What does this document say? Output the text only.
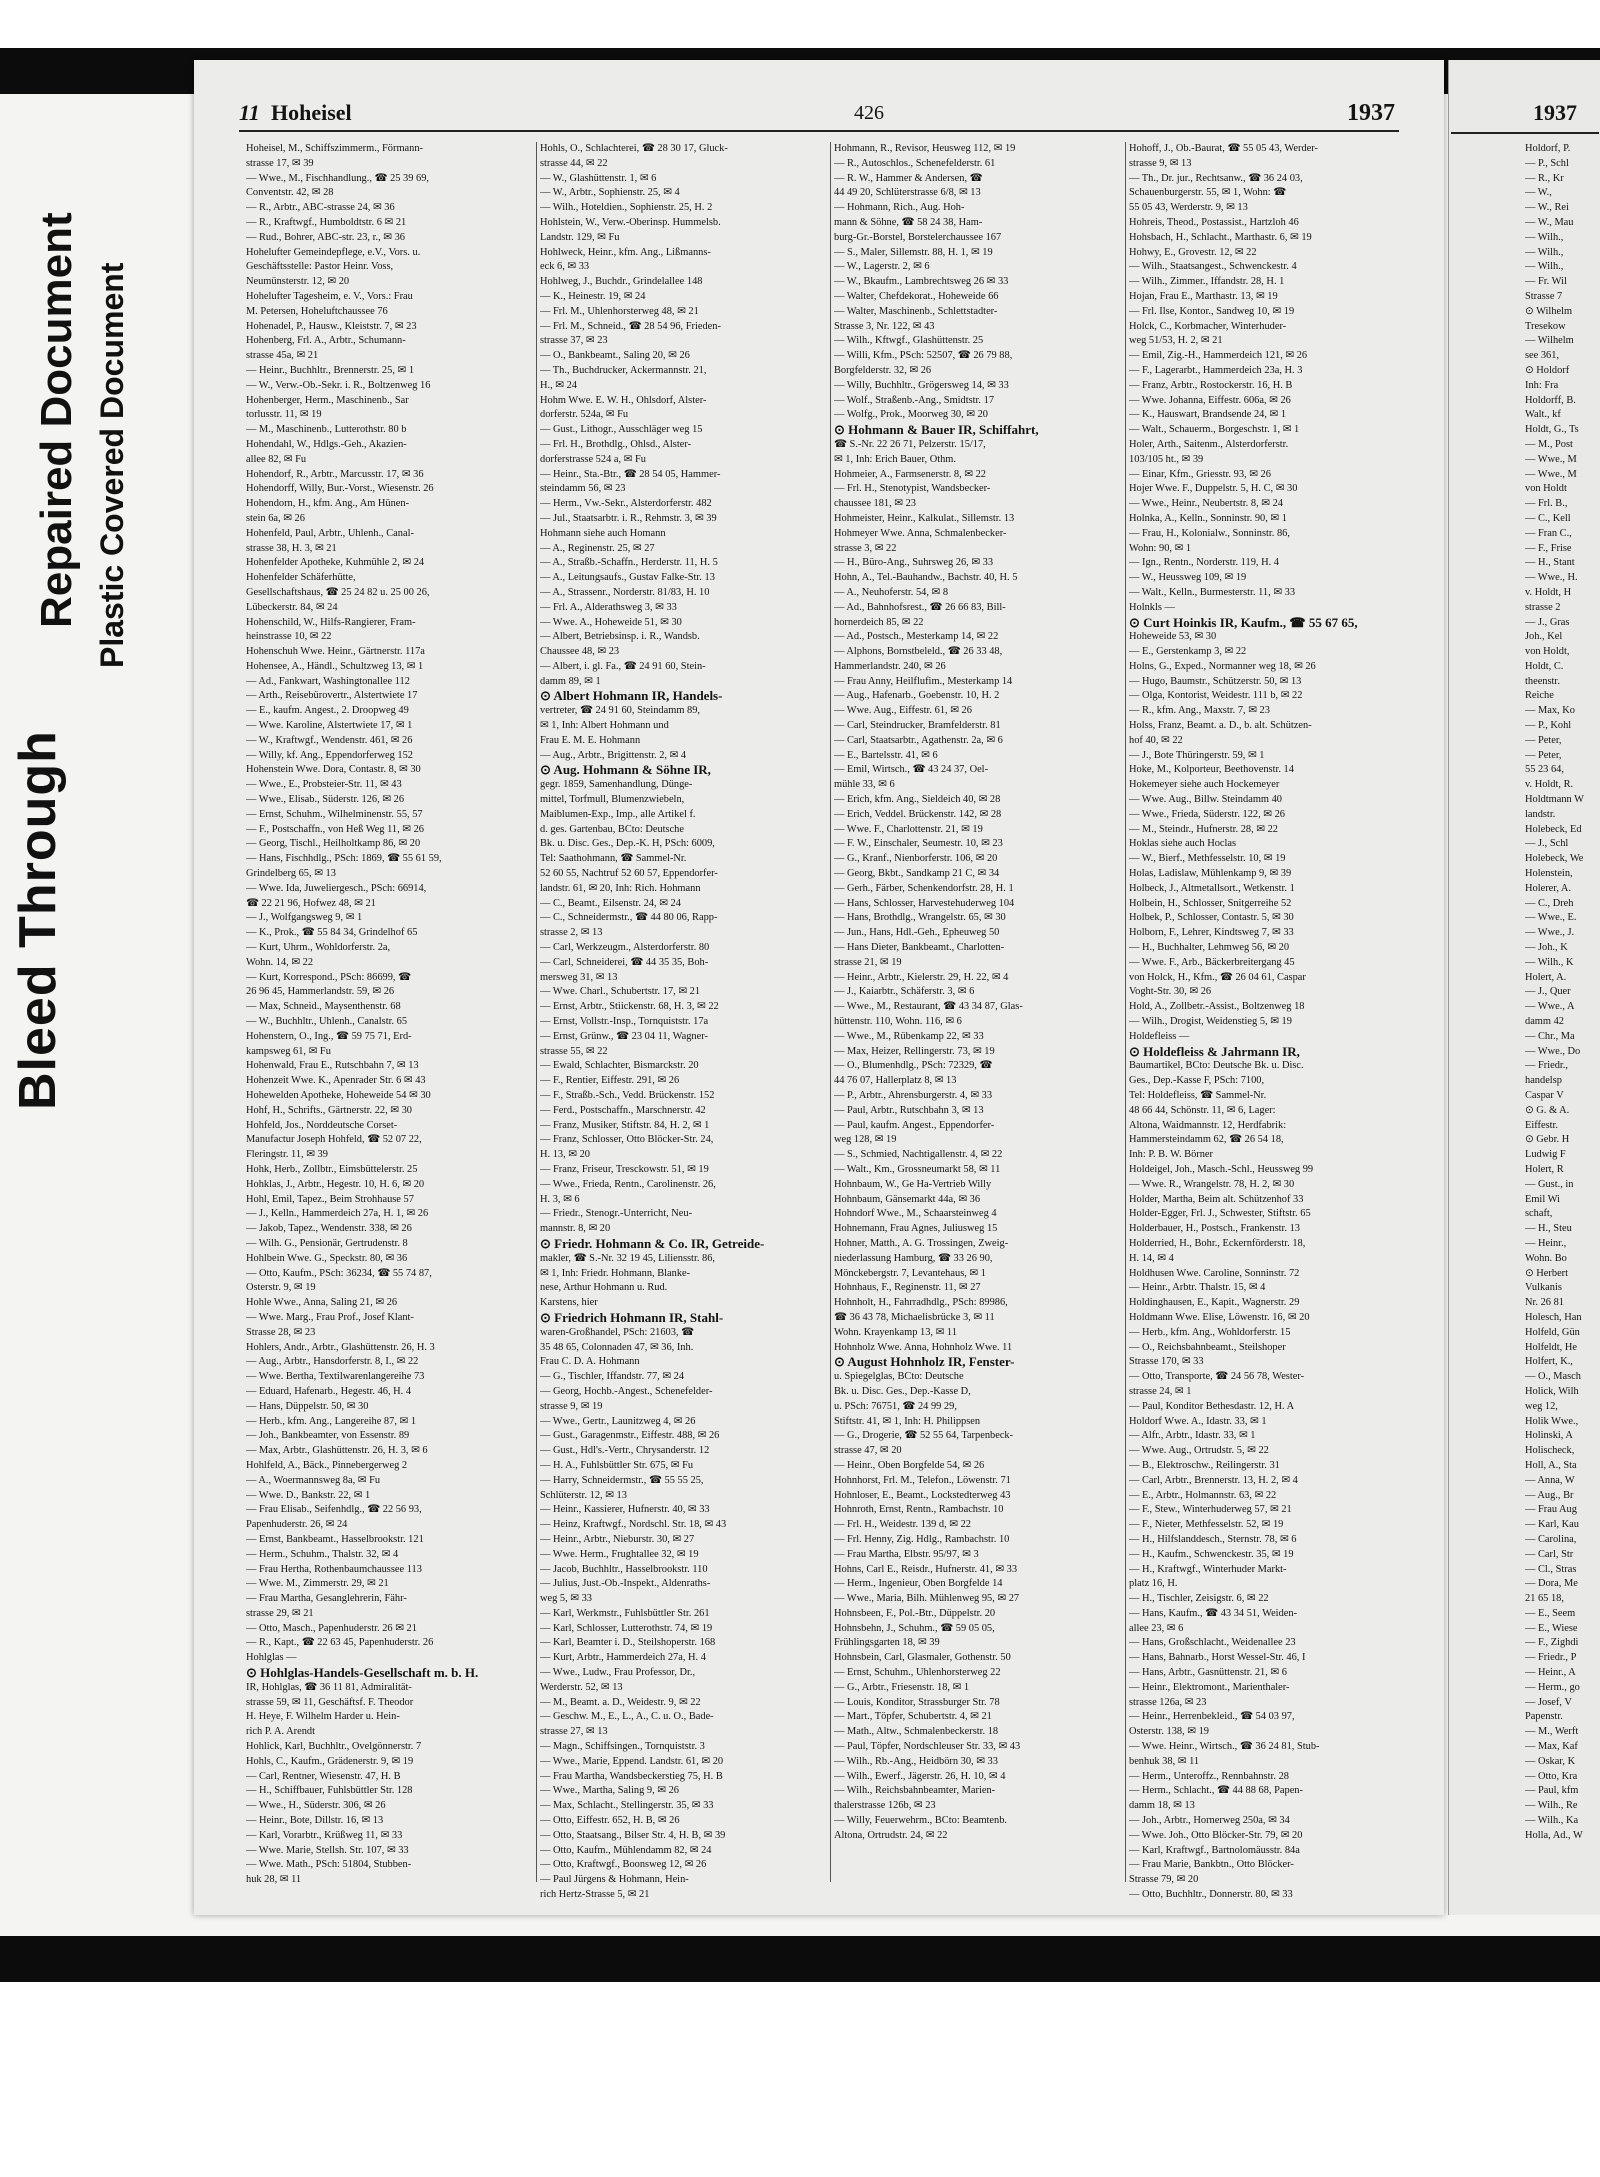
Bleed Through
Repaired Document Plastic Covered Document
11 Hoheisel	426	1937
Hoheisel, M., Schiffszimmerm., Förmann-
strasse 17, ✉ 39
— Wwe., M., Fischhandlung., ☎ 25 39 69,
Conventstr. 42, ✉ 28
— R., Arbtr., ABC-strasse 24, ✉ 36
— R., Kraftwgf., Humboldtstr. 6 ✉ 21
— Rud., Bohrer, ABC-str. 23, r., ✉ 36
Hohelufter Gemeindepflege, e.V., Vors. u.
Geschäftsstelle: Pastor Heinr. Voss,
Neumünsterstr. 12, ✉ 20
Hohelufter Tagesheim, e. V., Vors.: Frau
M. Petersen, Hoheluftchaussee 76
Hohenadel, P., Hausw., Kleiststr. 7, ✉ 23
Hohenberg, Frl. A., Arbtr., Schumann-
strasse 45a, ✉ 21
— Heinr., Buchhltr., Brennerstr. 25, ✉ 1
— W., Verw.-Ob.-Sekr. i. R., Boltzenweg 16
Hohenberger, Herm., Maschinenb., Sar
torlusstr. 11, ✉ 19
— M., Maschinenb., Lutterothstr. 80 b
Hohendahl, W., Hdlgs.-Geh., Akazien-
allee 82, ✉ Fu
Hohendorf, R., Arbtr., Marcusstr. 17, ✉ 36
Hohendorff, Willy, Bur.-Vorst., Wiesenstr. 26
Hohendorn, H., kfm. Ang., Am Hünen-
stein 6a, ✉ 26
Hohenfeld, Paul, Arbtr., Uhlenh., Canal-
strasse 38, H. 3, ✉ 21
Hohenfelder Apotheke, Kuhmühle 2, ✉ 24
Hohenfelder Schäferhütte,
Gesellschaftshaus, ☎ 25 24 82 u. 25 00 26,
Lübeckerstr. 84, ✉ 24
Hohenschild, W., Hilfs-Rangierer, Fram-
heinstrasse 10, ✉ 22
Hohenschuh Wwe. Heinr., Gärtnerstr. 117a
Hohensee, A., Händl., Schultzweg 13, ✉ 1
— Ad., Fankwart, Washingtonallee 112
— Arth., Reisebürovertr., Alstertwiete 17
— E., kaufm. Angest., 2. Droopweg 49
— Wwe. Karoline, Alstertwiete 17, ✉ 1
— W., Kraftwgf., Wendenstr. 461, ✉ 26
— Willy, kf. Ang., Eppendorferweg 152
Hohenstein Wwe. Dora, Contastr. 8, ✉ 30
— Wwe., E., Probsteier-Str. 11, ✉ 43
— Wwe., Elisab., Süderstr. 126, ✉ 26
— Ernst, Schuhm., Wilhelminenstr. 55, 57
— F., Postschaffn., von Heß Weg 11, ✉ 26
— Georg, Tischl., Heilholtkamp 86, ✉ 20
— Hans, Fischhdlg., PSch: 1869, ☎ 55 61 59,
Grindelberg 65, ✉ 13
— Wwe. Ida, Juweliergesch., PSch: 66914,
☎ 22 21 96, Hofwez 48, ✉ 21
— J., Wolfgangsweg 9, ✉ 1
— K., Prok., ☎ 55 84 34, Grindelhof 65
— Kurt, Uhrm., Wohldorferstr. 2a,
Wohn. 14, ✉ 22
— Kurt, Korrespond., PSch: 86699, ☎
26 96 45, Hammerlandstr. 59, ✉ 26
— Max, Schneid., Maysenthenstr. 68
— W., Buchhltr., Uhlenh., Canalstr. 65
Hohenstern, O., Ing., ☎ 59 75 71, Erd-
kampsweg 61, ✉ Fu
Hohenwald, Frau E., Rutschbahn 7, ✉ 13
Hohenzeit Wwe. K., Apenrader Str. 6 ✉ 43
Hohewelden Apotheke, Hoheweide 54 ✉ 30
Hohf, H., Schrifts., Gärtnerstr. 22, ✉ 30
Hohfeld, Jos., Norddeutsche Corset-
Manufactur Joseph Hohfeld, ☎ 52 07 22,
Fleringstr. 11, ✉ 39
Hohk, Herb., Zollbtr., Eimsbüttelerstr. 25
Hohklas, J., Arbtr., Hegestr. 10, H. 6, ✉ 20
Hohl, Emil, Tapez., Beim Strohhause 57
— J., Kelln., Hammerdeich 27a, H. 1, ✉ 26
— Jakob, Tapez., Wendenstr. 338, ✉ 26
— Wilh. G., Pensionär, Gertrudenstr. 8
Hohlbein Wwe. G., Speckstr. 80, ✉ 36
— Otto, Kaufm., PSch: 36234, ☎ 55 74 87,
Osterstr. 9, ✉ 19
Hohle Wwe., Anna, Saling 21, ✉ 26
— Wwe. Marg., Frau Prof., Josef Klant-
Strasse 28, ✉ 23
Hohlers, Andr., Arbtr., Glashüttenstr. 26, H. 3
— Aug., Arbtr., Hansdorferstr. 8, I., ✉ 22
— Wwe. Bertha, Textilwarenlangereihe 73
— Eduard, Hafenarb., Hegestr. 46, H. 4
— Hans, Düppelstr. 50, ✉ 30
— Herb., kfm. Ang., Langereihe 87, ✉ 1
— Joh., Bankbeamter, von Essenstr. 89
— Max, Arbtr., Glashüttenstr. 26, H. 3, ✉ 6
Hohlfeld, A., Bäck., Pinnebergerweg 2
— A., Woermannsweg 8a, ✉ Fu
— Wwe. D., Bankstr. 22, ✉ 1
— Frau Elisab., Seifenhdlg., ☎ 22 56 93,
Papenhuderstr. 26, ✉ 24
— Ernst, Bankbeamt., Hasselbrookstr. 121
— Herm., Schuhm., Thalstr. 32, ✉ 4
— Frau Hertha, Rothenbaumchaussee 113
— Wwe. M., Zimmerstr. 29, ✉ 21
— Frau Martha, Gesanglehrerin, Fähr-
strasse 29, ✉ 21
— Otto, Masch., Papenhuderstr. 26 ✉ 21
— R., Kapt., ☎ 22 63 45, Papenhuderstr. 26
Hohlglas —
⊙ Hohlglas-Handels-Gesellschaft m. b. H.
IR, Hohlglas, ☎ 36 11 81, Admiralität-
strasse 59, ✉ 11, Geschäftsf. F. Theodor
H. Heye, F. Wilhelm Harder u. Hein-
rich P. A. Arendt
Hohlick, Karl, Buchhltr., Ovelgönnerstr. 7
Hohls, C., Kaufm., Grädenerstr. 9, ✉ 19
— Carl, Rentner, Wiesenstr. 47, H. B
— H., Schiffbauer, Fuhlsbüttler Str. 128
— Wwe., H., Süderstr. 306, ✉ 26
— Heinr., Bote, Dillstr. 16, ✉ 13
— Karl, Vorarbtr., Krüßweg 11, ✉ 33
— Wwe. Marie, Stellsh. Str. 107, ✉ 33
— Wwe. Math., PSch: 51804, Stubben-
huk 28, ✉ 11
Hohls, O., Schlachterei, ☎ 28 30 17, Gluck-
strasse 44, ✉ 22
— W., Glashüttenstr. 1, ✉ 6
— W., Arbtr., Sophienstr. 25, ✉ 4
— Wilh., Hoteldien., Sophienstr. 25, H. 2
Hohlstein, W., Verw.-Oberinsp. Hummelsb.
Landstr. 129, ✉ Fu
Hohlweck, Heinr., kfm. Ang., Lißmanns-
eck 6, ✉ 33
Hohlweg, J., Buchdr., Grindelallee 148
— K., Heinestr. 19, ✉ 24
— Frl. M., Uhlenhorsterweg 48, ✉ 21
— Frl. M., Schneid., ☎ 28 54 96, Frieden-
strasse 37, ✉ 23
— O., Bankbeamt., Saling 20, ✉ 26
— Th., Buchdrucker, Ackermannstr. 21,
H., ✉ 24
Hohm Wwe. E. W. H., Ohlsdorf, Alster-
dorferstr. 524a, ✉ Fu
— Gust., Lithogr., Ausschläger weg 15
— Frl. H., Brothdlg., Ohlsd., Alster-
dorferstrasse 524 a, ✉ Fu
— Heinr., Sta.-Btr., ☎ 28 54 05, Hammer-
steindamm 56, ✉ 23
— Herm., Vw.-Sekr., Alsterdorferstr. 482
— Jul., Staatsarbtr. i. R., Rehmstr. 3, ✉ 39
Hohmann siehe auch Homann
— A., Reginenstr. 25, ✉ 27
— A., Straßb.-Schaffn., Herderstr. 11, H. 5
— A., Leitungsaufs., Gustav Falke-Str. 13
— A., Strassenr., Norderstr. 81/83, H. 10
— Frl. A., Alderathsweg 3, ✉ 33
— Wwe. A., Hoheweide 51, ✉ 30
— Albert, Betriebsinsp. i. R., Wandsb.
Chaussee 48, ✉ 23
— Albert, i. gl. Fa., ☎ 24 91 60, Stein-
damm 89, ✉ 1
⊙ Albert Hohmann IR, Handels-
vertreter, ☎ 24 91 60, Steindamm 89,
✉ 1, Inh: Albert Hohmann und
Frau E. M. E. Hohmann
— Aug., Arbtr., Brigittenstr. 2, ✉ 4
⊙ Aug. Hohmann & Söhne IR,
gegr. 1859, Samenhandlung, Dünge-
mittel, Torfmull, Blumenzwiebeln,
Maiblumen-Exp., Imp., alle Artikel f.
d. ges. Gartenbau, BCto: Deutsche
Bk. u. Disc. Ges., Dep.-K. H, PSch: 6009,
Tel: Saathohmann, ☎ Sammel-Nr.
52 60 55, Nachtruf 52 60 57, Eppendorfer-
landstr. 61, ✉ 20, Inh: Rich. Hohmann
— C., Beamt., Eilsenstr. 24, ✉ 24
— C., Schneidermstr., ☎ 44 80 06, Rapp-
strasse 2, ✉ 13
— Carl, Werkzeugm., Alsterdorferstr. 80
— Carl, Schneiderei, ☎ 44 35 35, Boh-
mersweg 31, ✉ 13
— Wwe. Charl., Schubertstr. 17, ✉ 21
— Ernst, Arbtr., Stiickenstr. 68, H. 3, ✉ 22
— Ernst, Vollstr.-Insp., Tornquiststr. 17a
— Ernst, Grünw., ☎ 23 04 11, Wagner-
strasse 55, ✉ 22
— Ewald, Schlachter, Bismarckstr. 20
— F., Rentier, Eiffestr. 291, ✉ 26
— F., Straßb.-Sch., Vedd. Brückenstr. 152
— Ferd., Postschaffn., Marschnerstr. 42
— Franz, Musiker, Stiftstr. 84, H. 2, ✉ 1
— Franz, Schlosser, Otto Blöcker-Str. 24,
H. 13, ✉ 20
— Franz, Friseur, Tresckowstr. 51, ✉ 19
— Wwe., Frieda, Rentn., Carolinenstr. 26,
H. 3, ✉ 6
— Friedr., Stenogr.-Unterricht, Neu-
mannstr. 8, ✉ 20
⊙ Friedr. Hohmann & Co. IR, Getreide-
makler, ☎ S.-Nr. 32 19 45, Liliensstr. 86,
✉ 1, Inh: Friedr. Hohmann, Blanke-
nese, Arthur Hohmann u. Rud.
Karstens, hier
⊙ Friedrich Hohmann IR, Stahl-
waren-Großhandel, PSch: 21603, ☎
35 48 65, Colonnaden 47, ✉ 36, Inh.
Frau C. D. A. Hohmann
— G., Tischler, Iffandstr. 77, ✉ 24
— Georg, Hochb.-Angest., Schenefelder-
strasse 9, ✉ 19
— Wwe., Gertr., Launitzweg 4, ✉ 26
— Gust., Garagenmstr., Eiffestr. 488, ✉ 26
— Gust., Hdl's.-Vertr., Chrysanderstr. 12
— H. A., Fuhlsbüttler Str. 675, ✉ Fu
— Harry, Schneidermstr., ☎ 55 55 25,
Schlüterstr. 12, ✉ 13
— Heinr., Kassierer, Hufnerstr. 40, ✉ 33
— Heinz, Kraftwgf., Nordschl. Str. 18, ✉ 43
— Heinr., Arbtr., Nieburstr. 30, ✉ 27
— Wwe. Herm., Frughtallee 32, ✉ 19
— Jacob, Buchhltr., Hasselbrookstr. 110
— Julius, Just.-Ob.-Inspekt., Aldenraths-
weg 5, ✉ 33
— Karl, Werkmstr., Fuhlsbüttler Str. 261
— Karl, Schlosser, Lutterothstr. 74, ✉ 19
— Karl, Beamter i. D., Steilshoperstr. 168
— Kurt, Arbtr., Hammerdeich 27a, H. 4
— Wwe., Ludw., Frau Professor, Dr.,
Werderstr. 52, ✉ 13
— M., Beamt. a. D., Weidestr. 9, ✉ 22
— Geschw. M., E., L., A., C. u. O., Bade-
strasse 27, ✉ 13
— Magn., Schiffsingen., Tornquiststr. 3
— Wwe., Marie, Eppend. Landstr. 61, ✉ 20
— Frau Martha, Wandsbeckerstieg 75, H. B
— Wwe., Martha, Saling 9, ✉ 26
— Max, Schlacht., Stellingerstr. 35, ✉ 33
— Otto, Eiffestr. 652, H. B, ✉ 26
— Otto, Staatsang., Bilser Str. 4, H. B, ✉ 39
— Otto, Kaufm., Mühlendamm 82, ✉ 24
— Otto, Kraftwgf., Boonsweg 12, ✉ 26
— Paul Jürgens & Hohmann, Hein-
rich Hertz-Strasse 5, ✉ 21
Hohmann, R., Revisor, Heusweg 112, ✉ 19
— R., Autoschlos., Schenefelderstr. 61
— R. W., Hammer & Andersen, ☎
44 49 20, Schlüterstrasse 6/8, ✉ 13
— Hohmann, Rich., Aug. Hoh-
mann & Söhne, ☎ 58 24 38, Ham-
burg-Gr.-Borstel, Borstelerchaussee 167
— S., Maler, Sillemstr. 88, H. 1, ✉ 19
— W., Lagerstr. 2, ✉ 6
— W., Bkaufm., Lambrechtsweg 26 ✉ 33
— Walter, Chefdekorat., Hoheweide 66
— Walter, Maschinenb., Schlettstadter-
Strasse 3, Nr. 122, ✉ 43
— Wilh., Kftwgf., Glashüttenstr. 25
— Willi, Kfm., PSch: 52507, ☎ 26 79 88,
Borgfelderstr. 32, ✉ 26
— Willy, Buchhltr., Grögersweg 14, ✉ 33
— Wolf., Straßenb.-Ang., Smidtstr. 17
— Wolfg., Prok., Moorweg 30, ✉ 20
⊙ Hohmann & Bauer IR, Schiffahrt,
☎ S.-Nr. 22 26 71, Pelzerstr. 15/17,
✉ 1, Inh: Erich Bauer, Othm.
Hohmeier, A., Farmsenerstr. 8, ✉ 22
— Frl. H., Stenotypist, Wandsbecker-
chaussee 181, ✉ 23
Hohmeister, Heinr., Kalkulat., Sillemstr. 13
Hohmeyer Wwe. Anna, Schmalenbecker-
strasse 3, ✉ 22
— H., Büro-Ang., Suhrsweg 26, ✉ 33
Hohn, A., Tel.-Bauhandw., Bachstr. 40, H. 5
— A., Neuhoferstr. 54, ✉ 8
— Ad., Bahnhofsrest., ☎ 26 66 83, Bill-
hornerdeich 85, ✉ 22
— Ad., Postsch., Mesterkamp 14, ✉ 22
— Alphons, Bornstbeleld., ☎ 26 33 48,
Hammerlandstr. 240, ✉ 26
— Frau Anny, Heilflufim., Mesterkamp 14
— Aug., Hafenarb., Goebenstr. 10, H. 2
— Wwe. Aug., Eiffestr. 61, ✉ 26
— Carl, Steindrucker, Bramfelderstr. 81
— Carl, Staatsarbtr., Agathenstr. 2a, ✉ 6
— E., Bartelsstr. 41, ✉ 6
— Emil, Wirtsch., ☎ 43 24 37, Oel-
mühle 33, ✉ 6
— Erich, kfm. Ang., Sieldeich 40, ✉ 28
— Erich, Veddel. Brückenstr. 142, ✉ 28
— Wwe. F., Charlottenstr. 21, ✉ 19
— F. W., Einschaler, Seumestr. 10, ✉ 23
— G., Kranf., Nienborferstr. 106, ✉ 20
— Georg, Bkbt., Sandkamp 21 C, ✉ 34
— Gerh., Färber, Schenkendorfstr. 28, H. 1
— Hans, Schlosser, Harvestehuderweg 104
— Hans, Brothdlg., Wrangelstr. 65, ✉ 30
— Jun., Hans, Hdl.-Geh., Epheuweg 50
— Hans Dieter, Bankbeamt., Charlotten-
strasse 21, ✉ 19
— Heinr., Arbtr., Kielerstr. 29, H. 22, ✉ 4
— J., Kaiarbtr., Schäferstr. 3, ✉ 6
— Wwe., M., Restaurant, ☎ 43 34 87, Glas-
hüttenstr. 110, Wohn. 116, ✉ 6
— Wwe., M., Rübenkamp 22, ✉ 33
— Max, Heizer, Rellingerstr. 73, ✉ 19
— O., Blumenhdlg., PSch: 72329, ☎
44 76 07, Hallerplatz 8, ✉ 13
— P., Arbtr., Ahrensburgerstr. 4, ✉ 33
— Paul, Arbtr., Rutschbahn 3, ✉ 13
— Paul, kaufm. Angest., Eppendorfer-
weg 128, ✉ 19
— S., Schmied, Nachtigallenstr. 4, ✉ 22
— Walt., Km., Grossneumarkt 58, ✉ 11
Hohnbaum, W., Ge Ha-Vertrieb Willy
Hohnbaum, Gänsemarkt 44a, ✉ 36
Hohndorf Wwe., M., Schaarsteinweg 4
Hohnemann, Frau Agnes, Juliusweg 15
Hohner, Matth., A. G. Trossingen, Zweig-
niederlassung Hamburg, ☎ 33 26 90,
Mönckebergstr. 7, Levantehaus, ✉ 1
Hohnhaus, F., Reginenstr. 11, ✉ 27
Hohnholt, H., Fahrradhdlg., PSch: 89986,
☎ 36 43 78, Michaelisbrücke 3, ✉ 11
Wohn. Krayenkamp 13, ✉ 11
Hohnholz Wwe. Anna, Hohnholz Wwe. 11
⊙ August Hohnholz IR, Fenster-
u. Spiegelglas, BCto: Deutsche
Bk. u. Disc. Ges., Dep.-Kasse D,
u. PSch: 76751, ☎ 24 99 29,
Stiftstr. 41, ✉ 1, Inh: H. Philippsen
— G., Drogerie, ☎ 52 55 64, Tarpenbeck-
strasse 47, ✉ 20
— Heinr., Oben Borgfelde 54, ✉ 26
Hohnhorst, Frl. M., Telefon., Löwenstr. 71
Hohnloser, E., Beamt., Lockstedterweg 43
Hohnroth, Ernst, Rentn., Rambachstr. 10
— Frl. H., Weidestr. 139 d, ✉ 22
— Frl. Henny, Zig. Hdlg., Rambachstr. 10
— Frau Martha, Elbstr. 95/97, ✉ 3
Hohns, Carl E., Reisdr., Hufnerstr. 41, ✉ 33
— Herm., Ingenieur, Oben Borgfelde 14
— Wwe., Maria, Bilh. Mühlenweg 95, ✉ 27
Hohnsbeen, F., Pol.-Btr., Düppelstr. 20
Hohnsbehn, J., Schuhm., ☎ 59 05 05,
Frühlingsgarten 18, ✉ 39
Hohnsbein, Carl, Glasmaler, Gothenstr. 50
— Ernst, Schuhm., Uhlenhorsterweg 22
— G., Arbtr., Friesenstr. 18, ✉ 1
— Louis, Konditor, Strassburger Str. 78
— Mart., Töpfer, Schubertstr. 4, ✉ 21
— Math., Altw., Schmalenbeckerstr. 18
— Paul, Töpfer, Nordschleuser Str. 33, ✉ 43
— Wilh., Rb.-Ang., Heidbörn 30, ✉ 33
— Wilh., Ewerf., Jägerstr. 26, H. 10, ✉ 4
— Wilh., Reichsbahnbeamter, Marien-
thalerstrasse 126b, ✉ 23
— Willy, Feuerwehrm., BCto: Beamtenb.
Altona, Ortrudstr. 24, ✉ 22
Hohoff, J., Ob.-Baurat, ☎ 55 05 43, Werder-
strasse 9, ✉ 13
— Th., Dr. jur., Rechtsanw., ☎ 36 24 03,
Schauenburgerstr. 55, ✉ 1, Wohn: ☎
55 05 43, Werderstr. 9, ✉ 13
Hohreis, Theod., Postassist., Hartzloh 46
Hohsbach, H., Schlacht., Marthastr. 6, ✉ 19
Hohwy, E., Grovestr. 12, ✉ 22
— Wilh., Staatsangest., Schwenckestr. 4
— Wilh., Zimmer., Iffandstr. 28, H. 1
Hojan, Frau E., Marthastr. 13, ✉ 19
— Frl. Ilse, Kontor., Sandweg 10, ✉ 19
Holck, C., Korbmacher, Winterhuder-
weg 51/53, H. 2, ✉ 21
— Emil, Zig.-H., Hammerdeich 121, ✉ 26
— F., Lagerarbt., Hammerdeich 23a, H. 3
— Franz, Arbtr., Rostockerstr. 16, H. B
— Wwe. Johanna, Eiffestr. 606a, ✉ 26
— K., Hauswart, Brandsende 24, ✉ 1
— Walt., Schauerm., Borgeschstr. 1, ✉ 1
Holer, Arth., Saitenm., Alsterdorferstr.
103/105 ht., ✉ 39
— Einar, Kfm., Griesstr. 93, ✉ 26
Hojer Wwe. F., Duppelstr. 5, H. C, ✉ 30
— Wwe., Heinr., Neubertstr. 8, ✉ 24
Holnka, A., Kelln., Sonninstr. 90, ✉ 1
— Frau, H., Kolonialw., Sonninstr. 86,
Wohn: 90, ✉ 1
— Ign., Rentn., Norderstr. 119, H. 4
— W., Heussweg 109, ✉ 19
— Walt., Kelln., Burmesterstr. 11, ✉ 33
Holnkls —
⊙ Curt Hoinkis IR, Kaufm., ☎ 55 67 65,
Hoheweide 53, ✉ 30
— E., Gerstenkamp 3, ✉ 22
Holns, G., Exped., Normanner weg 18, ✉ 26
— Hugo, Baumstr., Schützerstr. 50, ✉ 13
— Olga, Kontorist, Weidestr. 111 b, ✉ 22
— R., kfm. Ang., Maxstr. 7, ✉ 23
Holss, Franz, Beamt. a. D., b. alt. Schützen-
hof 40, ✉ 22
— J., Bote Thüringerstr. 59, ✉ 1
Hoke, M., Kolporteur, Beethovenstr. 14
Hokemeyer siehe auch Hockemeyer
— Wwe. Aug., Billw. Steindamm 40
— Wwe., Frieda, Süderstr. 122, ✉ 26
— M., Steindr., Hufnerstr. 28, ✉ 22
Hoklas siehe auch Hoclas
— W., Bierf., Methfesselstr. 10, ✉ 19
Holas, Ladislaw, Mühlenkamp 9, ✉ 39
Holbeck, J., Altmetallsort., Wetkenstr. 1
Holbein, H., Schlosser, Snitgerreihe 52
Holbek, P., Schlosser, Contastr. 5, ✉ 30
Holborn, F., Lehrer, Kindtsweg 7, ✉ 33
— H., Buchhalter, Lehmweg 56, ✉ 20
— Wwe. F., Arb., Bäckerbreitergang 45
von Holck, H., Kfm., ☎ 26 04 61, Caspar
Voght-Str. 30, ✉ 26
Hold, A., Zollbetr.-Assist., Boltzenweg 18
— Wilh., Drogist, Weidenstieg 5, ✉ 19
Holdefleiss —
⊙ Holdefleiss & Jahrmann IR,
Baumartikel, BCto: Deutsche Bk. u. Disc.
Ges., Dep.-Kasse F, PSch: 7100,
Tel: Holdefleiss, ☎ Sammel-Nr.
48 66 44, Schönstr. 11, ✉ 6, Lager:
Altona, Waidmannstr. 12, Herdfabrik:
Hammersteindamm 62, ☎ 26 54 18,
Inh: P. B. W. Börner
Holdeigel, Joh., Masch.-Schl., Heussweg 99
— Wwe. R., Wrangelstr. 78, H. 2, ✉ 30
Holder, Martha, Beim alt. Schützenhof 33
Holder-Egger, Frl. J., Schwester, Stiftstr. 65
Holderbauer, H., Postsch., Frankenstr. 13
Holderried, H., Bohr., Eckernförderstr. 18,
H. 14, ✉ 4
Holdhusen Wwe. Caroline, Sonninstr. 72
— Heinr., Arbtr. Thalstr. 15, ✉ 4
Holdinghausen, E., Kapit., Wagnerstr. 29
Holdmann Wwe. Elise, Löwenstr. 16, ✉ 20
— Herb., kfm. Ang., Wohldorferstr. 15
— O., Reichsbahnbeamt., Steilshoper
Strasse 170, ✉ 33
— Otto, Transporte, ☎ 24 56 78, Wester-
strasse 24, ✉ 1
— Paul, Konditor Bethesdastr. 12, H. A
Holdorf Wwe. A., Idastr. 33, ✉ 1
— Alfr., Arbtr., Idastr. 33, ✉ 1
— Wwe. Aug., Ortrudstr. 5, ✉ 22
— B., Elektroschw., Reilingerstr. 31
— Carl, Arbtr., Brennerstr. 13, H. 2, ✉ 4
— E., Arbtr., Holmannstr. 63, ✉ 22
— F., Stew., Winterhuderweg 57, ✉ 21
— F., Nieter, Methfesselstr. 52, ✉ 19
— H., Hilfslanddesch., Sternstr. 78, ✉ 6
— H., Kaufm., Schwenckestr. 35, ✉ 19
— H., Kraftwgf., Winterhuder Markt-
platz 16, H.
— H., Tischler, Zeisigstr. 6, ✉ 22
— Hans, Kaufm., ☎ 43 34 51, Weiden-
allee 23, ✉ 6
— Hans, Großschlacht., Weidenallee 23
— Hans, Bahnarb., Horst Wessel-Str. 46, I
— Hans, Arbtr., Gasnüttenstr. 21, ✉ 6
— Heinr., Elektromont., Marienthaler-
strasse 126a, ✉ 23
— Heinr., Herrenbekleid., ☎ 54 03 97,
Osterstr. 138, ✉ 19
— Wwe. Heinr., Wirtsch., ☎ 36 24 81, Stub-
benhuk 38, ✉ 11
— Herm., Unteroffz., Rennbahnstr. 28
— Herm., Schlacht., ☎ 44 88 68, Papen-
damm 18, ✉ 13
— Joh., Arbtr., Hornerweg 250a, ✉ 34
— Wwe. Joh., Otto Blöcker-Str. 79, ✉ 20
— Karl, Kraftwgf., Bartnolomäusstr. 84a
— Frau Marie, Bankbtn., Otto Blöcker-
Strasse 79, ✉ 20
— Otto, Buchhltr., Donnerstr. 80, ✉ 33
1937
Holdorf, P.
— P., Schl
— R., Kr
— W.,
— W., Rei
— W., Mau
— Wilh.,
— Wilh.,
— Wilh.,
— Fr. Wil
Strasse 7
⊙ Wilhelm
Tresekow
— Wilhelm
see 361,
⊙ Holdorf
Inh: Fra
Holdorff, B.
Walt., kf
Holdt, G., Ts
— M., Post
— Wwe., M
— Wwe., M
von Holdt
— Frl. B.,
— C., Kell
— Fran C.,
— F., Frise
— H., Stant
— Wwe., H.
v. Holdt, H
strasse 2
— J., Gras
Joh., Kel
von Holdt,
Holdt, C.
theenstr.
Reiche
— Max, Ko
— P., Kohl
— Peter,
— Peter,
55 23 64,
v. Holdt, R.
Holdtmann W
landstr.
Holebeck, Ed
— J., Schl
Holebeck, We
Holenstein,
Holerer, A.
— C., Dreh
— Wwe., E.
— Wwe., J.
— Joh., K
— Wilh., K
Holert, A.
— J., Quer
— Wwe., A
damm 42
— Chr., Ma
— Wwe., Do
— Friedr.,
handelsp
Caspar V
⊙ G. & A.
Eiffestr.
⊙ Gebr. H
Ludwig F
Holert, R
— Gust., in
Emil Wi
schaft,
— H., Steu
— Heinr.,
Wohn. Bo
⊙ Herbert
Vulkanis
Nr. 26 81
Holesch, Han
Holfeld, Gün
Holfeldt, He
Holfert, K.,
— O., Masch
Holick, Wilh
weg 12,
Holik Wwe.,
Holinski, A
Holischeck,
Holl, A., Sta
— Anna, W
— Aug., Br
— Frau Aug
— Karl, Kau
— Carolina,
— Carl, Str
— Cl., Stras
— Dora, Me
21 65 18,
— E., Seem
— E., Wiese
— F., Zighdi
— Friedr., P
— Heinr., A
— Herm., go
— Josef, V
Papenstr.
— M., Werft
— Max, Kaf
— Oskar, K
— Otto, Kra
— Paul, kfm
— Wilh., Re
— Wilh., Ka
Holla, Ad., W
